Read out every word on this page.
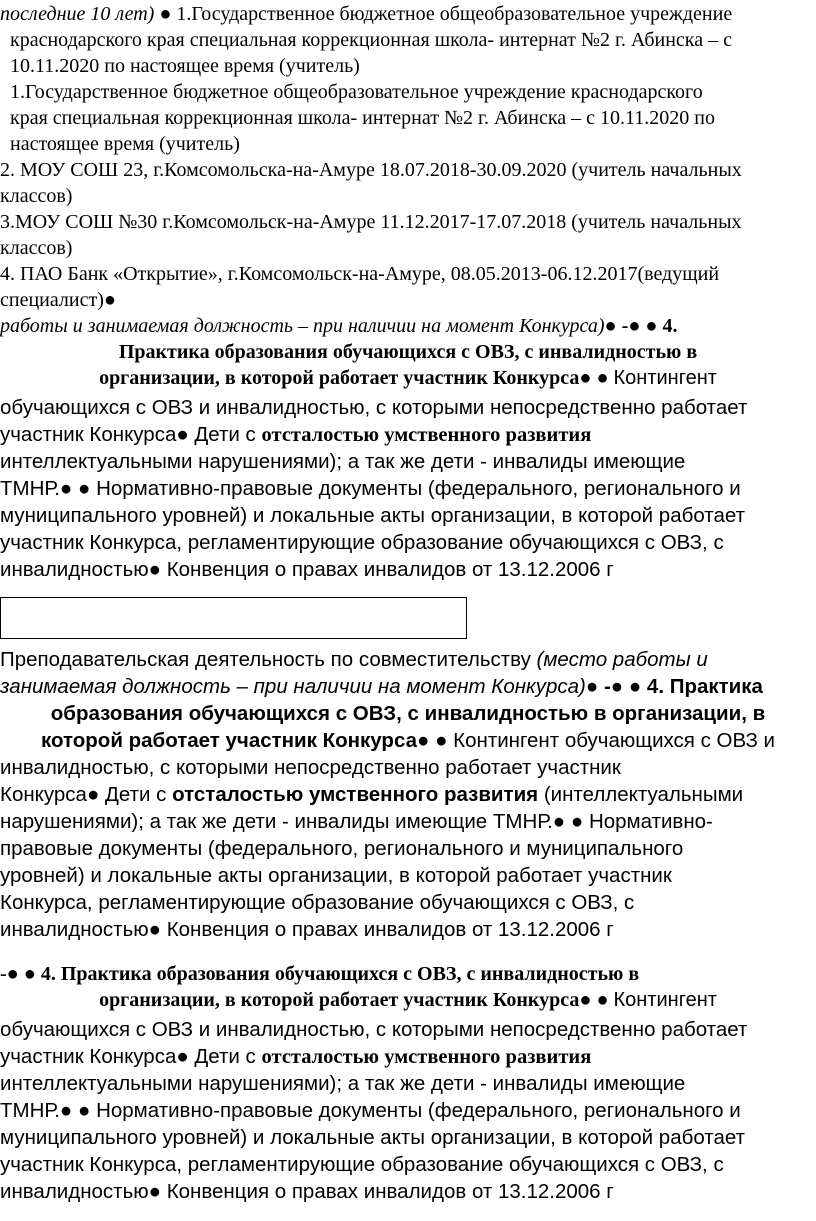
последние 10 лет) ● 1.Государственное бюджетное общеобразовательное учреждение
краснодарского края специальная коррекционная школа- интернат №2 г. Абинска – с
10.11.2020 по настоящее время (учитель)
1.Государственное бюджетное общеобразовательное учреждение краснодарского
края специальная коррекционная школа- интернат №2 г. Абинска – с 10.11.2020 по
настоящее время (учитель)
2. МОУ СОШ 23, г.Комсомольска-на-Амуре 18.07.2018-30.09.2020 (учитель начальных
классов)
3.МОУ СОШ №30 г.Комсомольск-на-Амуре 11.12.2017-17.07.2018 (учитель начальных
классов)
4. ПАО Банк «Открытие», г.Комсомольск-на-Амуре, 08.05.2013-06.12.2017(ведущий
специалист)●
работы и занимаемая должность – при наличии на момент Конкурса)● -● ● 4.
Практика образования обучающихся с ОВЗ, с инвалидностью в
организации, в которой работает участник Конкурса● ● Контингент
обучающихся с ОВЗ и инвалидностью, с которыми непосредственно работает
участник Конкурса● Дети с отсталостью умственного развития
интеллектуальными нарушениями); а так же дети - инвалиды имеющие
ТМНР.● ● Нормативно-правовые документы (федерального, регионального и
муниципального уровней) и локальные акты организации, в которой работает
участник Конкурса, регламентирующие образование обучающихся с ОВЗ, с
инвалидностью● Конвенция о правах инвалидов от 13.12.2006 г
Преподавательская деятельность по совместительству (место работы и
занимаемая должность – при наличии на момент Конкурса)● -● ● 4. Практика
образования обучающихся с ОВЗ, с инвалидностью в организации, в
которой работает участник Конкурса● ● Контингент обучающихся с ОВЗ и
инвалидностью, с которыми непосредственно работает участник
Конкурса● Дети с отсталостью умственного развития (интеллектуальными
нарушениями); а так же дети - инвалиды имеющие ТМНР.● ● Нормативно-
правовые документы (федерального, регионального и муниципального
уровней) и локальные акты организации, в которой работает участник
Конкурса, регламентирующие образование обучающихся с ОВЗ, с
инвалидностью● Конвенция о правах инвалидов от 13.12.2006 г
-● ● 4. Практика образования обучающихся с ОВЗ, с инвалидностью в
организации, в которой работает участник Конкурса● ● Контингент
обучающихся с ОВЗ и инвалидностью, с которыми непосредственно работает
участник Конкурса● Дети с отсталостью умственного развития
интеллектуальными нарушениями); а так же дети - инвалиды имеющие
ТМНР.● ● Нормативно-правовые документы (федерального, регионального и
муниципального уровней) и локальные акты организации, в которой работает
участник Конкурса, регламентирующие образование обучающихся с ОВЗ, с
инвалидностью● Конвенция о правах инвалидов от 13.12.2006 г
